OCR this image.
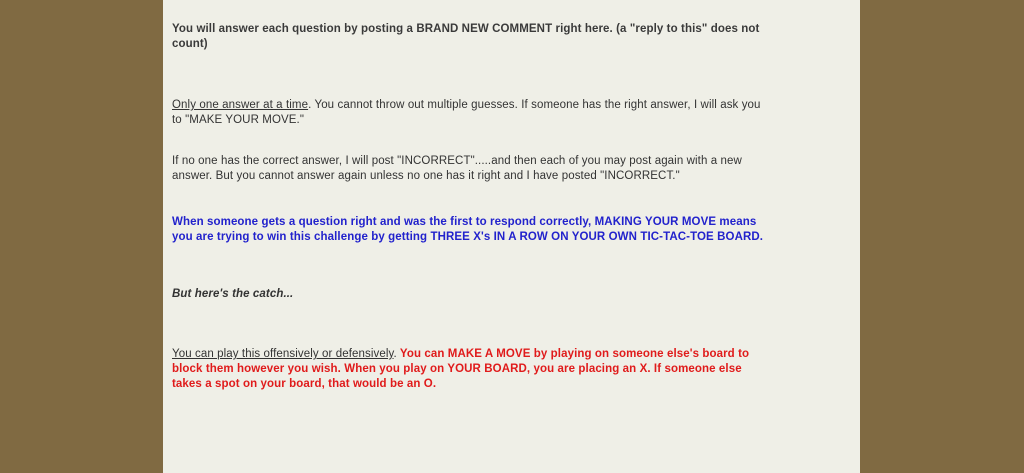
You will answer each question by posting a BRAND NEW COMMENT right here. (a "reply to this" does not count)

Only one answer at a time. You cannot throw out multiple guesses. If someone has the right answer, I will ask you to "MAKE YOUR MOVE."

If no one has the correct answer, I will post "INCORRECT".....and then each of you may post again with a new answer. But you cannot answer again unless no one has it right and I have posted "INCORRECT."

When someone gets a question right and was the first to respond correctly, MAKING YOUR MOVE means you are trying to win this challenge by getting THREE X's IN A ROW ON YOUR OWN TIC-TAC-TOE BOARD.

But here's the catch...

You can play this offensively or defensively. You can MAKE A MOVE by playing on someone else's board to block them however you wish. When you play on YOUR BOARD, you are placing an X. If someone else takes a spot on your board, that would be an O.
